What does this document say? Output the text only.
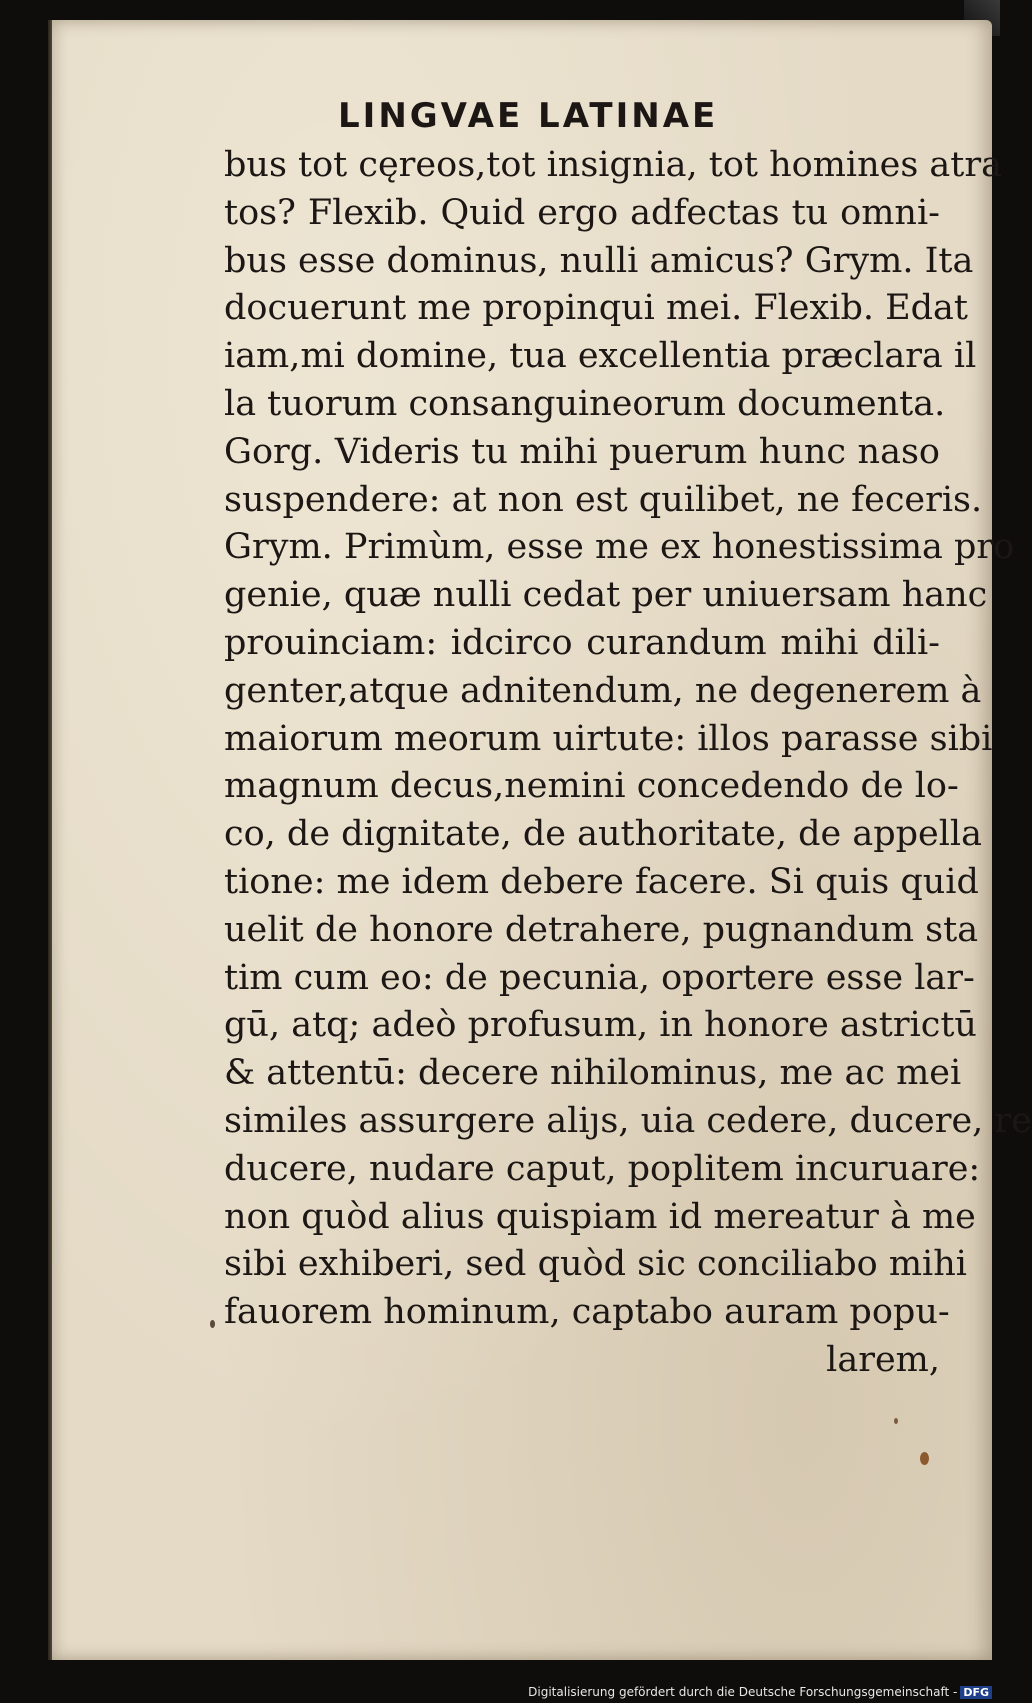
LINGVAE LATINAE
bus tot cęreos,tot insignia, tot homines atra
tos? Flexib. Quid ergo adfectas tu omni-
bus esse dominus, nulli amicus? Grym. Ita
docuerunt me propinqui mei. Flexib. Edat
iam,mi domine, tua excellentia præclara il
la tuorum consanguineorum documenta.
Gorg. Videris tu mihi puerum hunc naso
suspendere: at non est quilibet, ne feceris.
Grym. Primùm, esse me ex honestissima pro
genie, quæ nulli cedat per uniuersam hanc
prouinciam: idcirco curandum mihi dili-
genter,atque adnitendum, ne degenerem à
maiorum meorum uirtute: illos parasse sibi
magnum decus,nemini concedendo de lo-
co, de dignitate, de authoritate, de appella
tione: me idem debere facere. Si quis quid
uelit de honore detrahere, pugnandum sta
tim cum eo: de pecunia, oportere esse lar-
gū, atq; adeò profusum, in honore astrictū
& attentū: decere nihilominus, me ac mei
similes assurgere aliȷs, uia cedere, ducere, re
ducere, nudare caput, poplitem incuruare:
non quòd alius quispiam id mereatur à me
sibi exhiberi, sed quòd sic conciliabo mihi
fauorem hominum, captabo auram popu-
larem,
Digitalisierung gefördert durch die Deutsche Forschungsgemeinschaft - DFG
